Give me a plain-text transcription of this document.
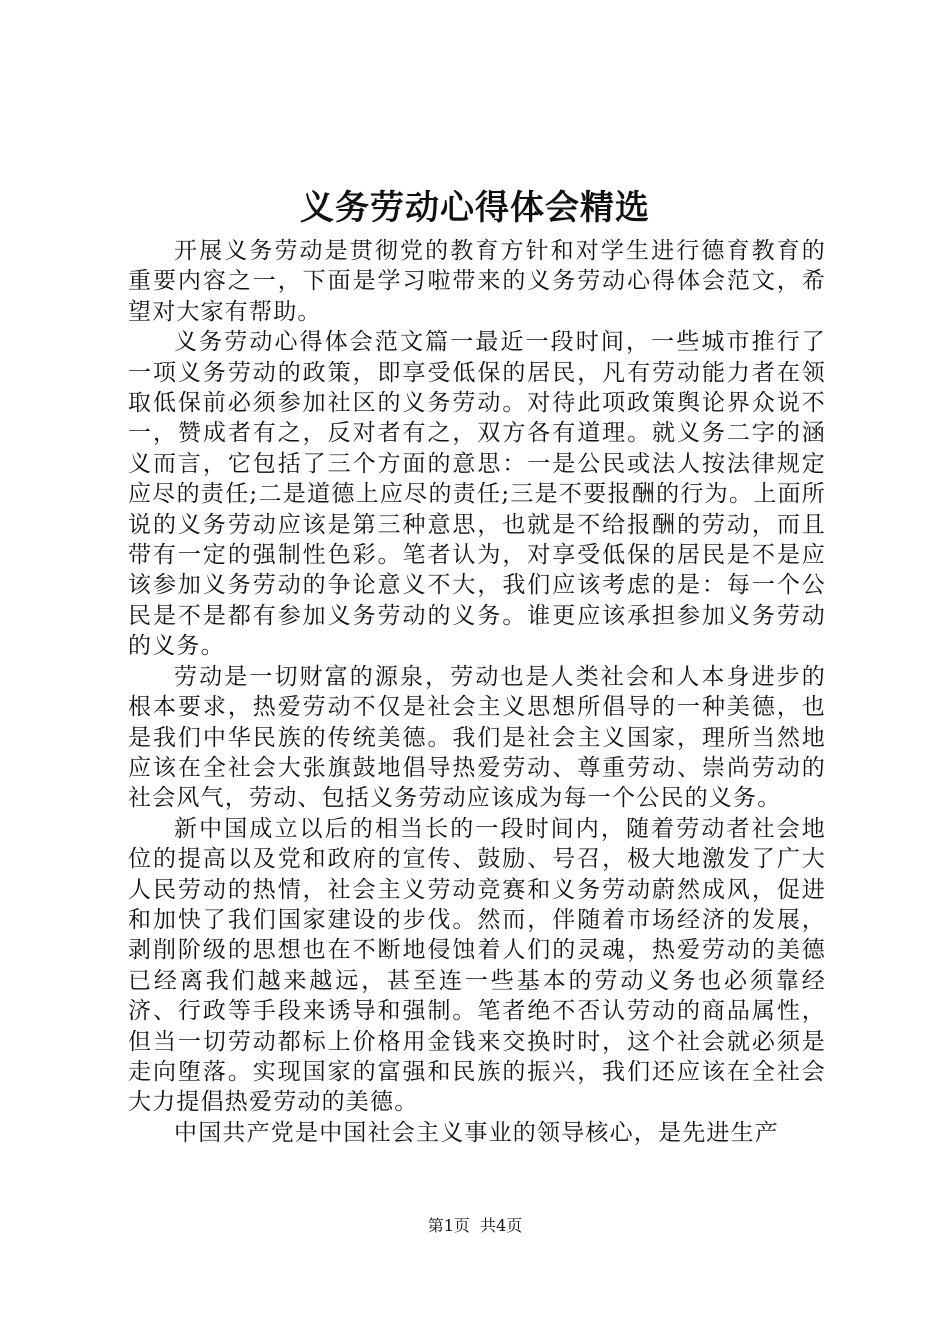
义务劳动心得体会精选

开展义务劳动是贯彻党的教育方针和对学生进行德育教育的重要内容之一，下面是学习啦带来的义务劳动心得体会范文，希望对大家有帮助。

义务劳动心得体会范文篇一最近一段时间，一些城市推行了一项义务劳动的政策，即享受低保的居民，凡有劳动能力者在领取低保前必须参加社区的义务劳动。对待此项政策舆论界众说不一，赞成者有之，反对者有之，双方各有道理。就义务二字的涵义而言，它包括了三个方面的意思：一是公民或法人按法律规定应尽的责任;二是道德上应尽的责任;三是不要报酬的行为。上面所说的义务劳动应该是第三种意思，也就是不给报酬的劳动，而且带有一定的强制性色彩。笔者认为，对享受低保的居民是不是应该参加义务劳动的争论意义不大，我们应该考虑的是：每一个公民是不是都有参加义务劳动的义务。谁更应该承担参加义务劳动的义务。

劳动是一切财富的源泉，劳动也是人类社会和人本身进步的根本要求，热爱劳动不仅是社会主义思想所倡导的一种美德，也是我们中华民族的传统美德。我们是社会主义国家，理所当然地应该在全社会大张旗鼓地倡导热爱劳动、尊重劳动、崇尚劳动的社会风气，劳动、包括义务劳动应该成为每一个公民的义务。

新中国成立以后的相当长的一段时间内，随着劳动者社会地位的提高以及党和政府的宣传、鼓励、号召，极大地激发了广大人民劳动的热情，社会主义劳动竞赛和义务劳动蔚然成风，促进和加快了我们国家建设的步伐。然而，伴随着市场经济的发展，剥削阶级的思想也在不断地侵蚀着人们的灵魂，热爱劳动的美德已经离我们越来越远，甚至连一些基本的劳动义务也必须靠经济、行政等手段来诱导和强制。笔者绝不否认劳动的商品属性，但当一切劳动都标上价格用金钱来交换时时，这个社会就必须是走向堕落。实现国家的富强和民族的振兴，我们还应该在全社会大力提倡热爱劳动的美德。

中国共产党是中国社会主义事业的领导核心，是先进生产

第1页 共4页
